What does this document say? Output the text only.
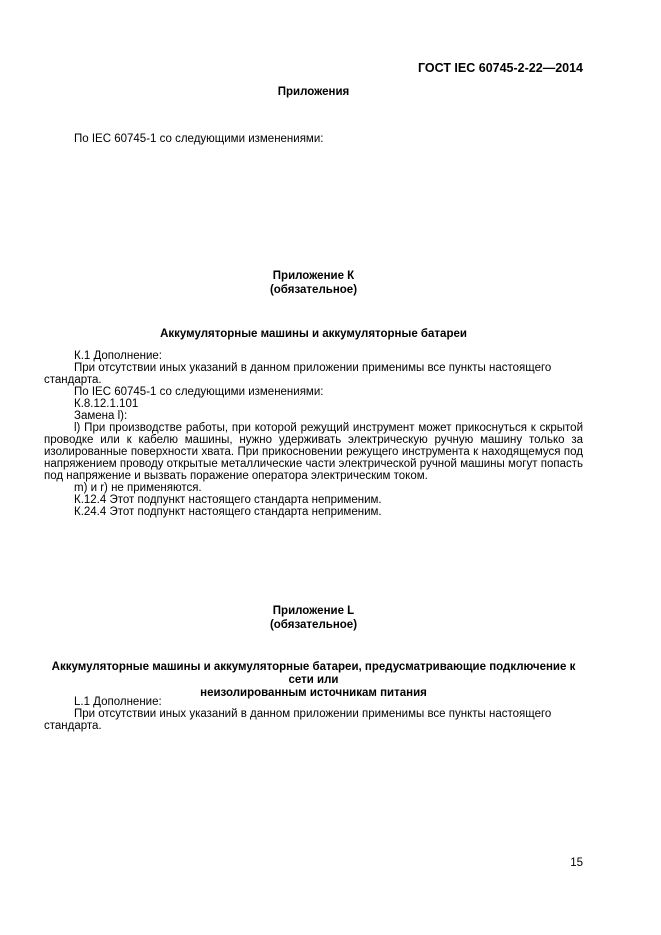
ГОСТ IEC 60745-2-22—2014
Приложения

По IEC 60745-1 со следующими изменениями:

Приложение К
(обязательное)
Аккумуляторные машины и аккумуляторные батареи

К.1 Дополнение:

При отсутствии иных указаний в данном приложении применимы все пункты настоящего стандарта.

По IEC 60745-1 со следующими изменениями:

К.8.12.1.101

Замена l):

l) При производстве работы, при которой режущий инструмент может прикоснуться к скрытой проводке или к кабелю машины, нужно удерживать электрическую ручную машину только за изолированные поверхности хвата. При прикосновении режущего инструмента к находящемуся под напряжением проводу открытые металлические части электрической ручной машины могут попасть под напряжение и вызвать поражение оператора электрическим током.

m) и r) не применяются.

К.12.4 Этот подпункт настоящего стандарта неприменим.

К.24.4 Этот подпункт настоящего стандарта неприменим.

Приложение L
(обязательное)
Аккумуляторные машины и аккумуляторные батареи, предусматривающие подключение к сети или
неизолированным источникам питания

L.1 Дополнение:

При отсутствии иных указаний в данном приложении применимы все пункты настоящего стандарта.

15
